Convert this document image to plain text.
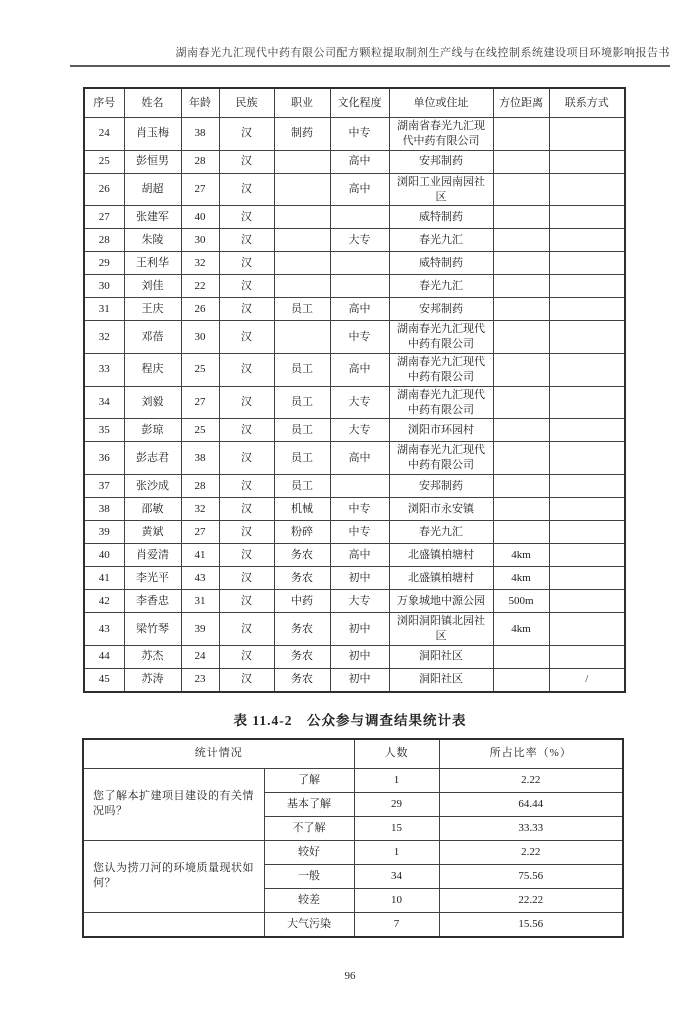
湖南春光九汇现代中药有限公司配方颗粒提取制剂生产线与在线控制系统建设项目环境影响报告书
序号	姓名	年龄	民族	职业	文化程度	单位或住址	方位距离	联系方式
24	肖玉梅	38	汉	制药	中专	湖南省春光九汇现代中药有限公司		
25	彭恒男	28	汉		高中	安邦制药		
26	胡超	27	汉		高中	浏阳工业园南园社区		
27	张建军	40	汉			威特制药		
28	朱陵	30	汉		大专	春光九汇		
29	王利华	32	汉			威特制药		
30	刘佳	22	汉			春光九汇		
31	王庆	26	汉	员工	高中	安邦制药		
32	邓蓓	30	汉		中专	湖南春光九汇现代中药有限公司		
33	程庆	25	汉	员工	高中	湖南春光九汇现代中药有限公司		
34	刘毅	27	汉	员工	大专	湖南春光九汇现代中药有限公司		
35	彭琼	25	汉	员工	大专	浏阳市环园村		
36	彭志君	38	汉	员工	高中	湖南春光九汇现代中药有限公司		
37	张沙成	28	汉	员工		安邦制药		
38	邵敏	32	汉	机械	中专	浏阳市永安镇		
39	黄斌	27	汉	粉碎	中专	春光九汇		
40	肖爱清	41	汉	务农	高中	北盛镇柏塘村	4km	
41	李光平	43	汉	务农	初中	北盛镇柏塘村	4km	
42	李香忠	31	汉	中药	大专	万象城地中源公园	500m	
43	梁竹琴	39	汉	务农	初中	浏阳洞阳镇北园社区	4km	
44	苏杰	24	汉	务农	初中	洞阳社区		
45	苏涛	23	汉	务农	初中	洞阳社区		/
表 11.4-2　公众参与调查结果统计表
统计情况		人数	所占比率（%）
您了解本扩建项目建设的有关情况吗？	了解	1	2.22
	基本了解	29	64.44
	不了解	15	33.33
您认为捞刀河的环境质量现状如何？	较好	1	2.22
	一般	34	75.56
	较差	10	22.22
	大气污染	7	15.56
96
